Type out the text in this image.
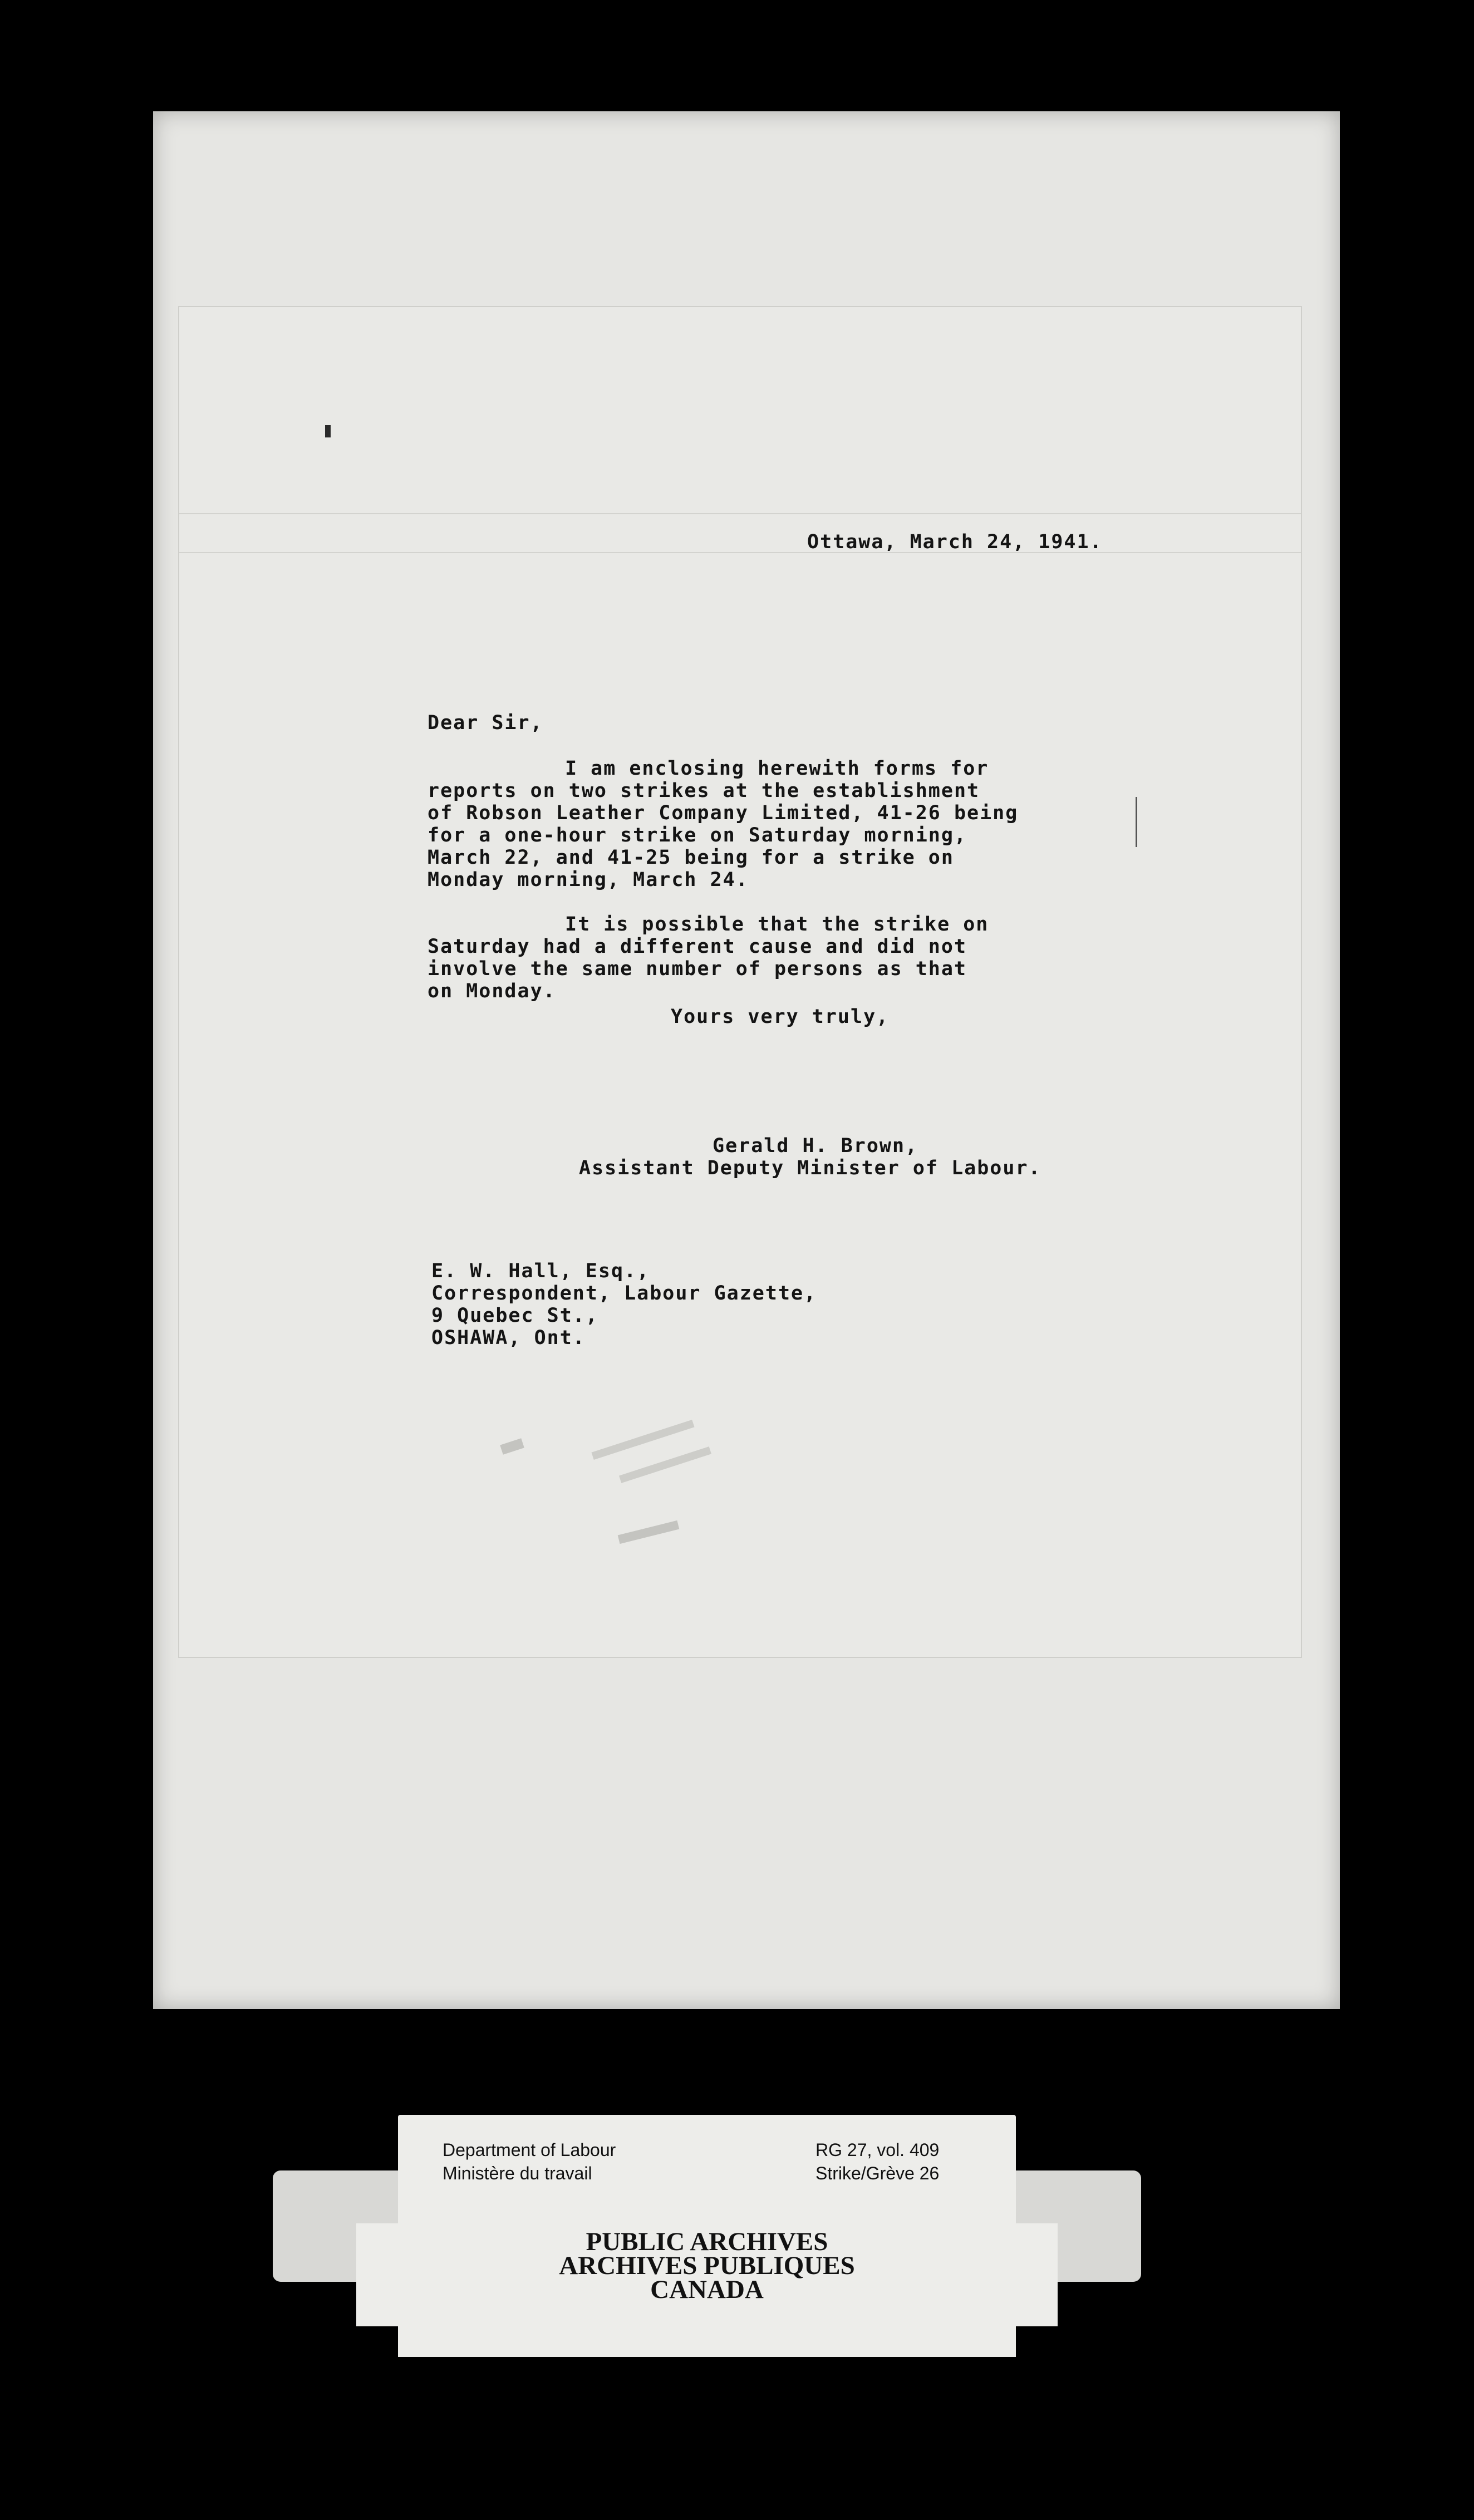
Ottawa, March 24, 1941.
Dear Sir,
I am enclosing herewith forms for
reports on two strikes at the establishment
of Robson Leather Company Limited, 41-26 being
for a one-hour strike on Saturday morning,
March 22, and 41-25 being for a strike on
Monday morning, March 24.
It is possible that the strike on
Saturday had a different cause and did not
involve the same number of persons as that
on Monday.
Yours very truly,
Gerald H. Brown,
Assistant Deputy Minister of Labour.
E. W. Hall, Esq.,
Correspondent, Labour Gazette,
9 Quebec St.,
OSHAWA, Ont.
Department of Labour
Ministère du travail
RG 27, vol. 409
Strike/Grève 26
PUBLIC ARCHIVES
ARCHIVES PUBLIQUES
CANADA
